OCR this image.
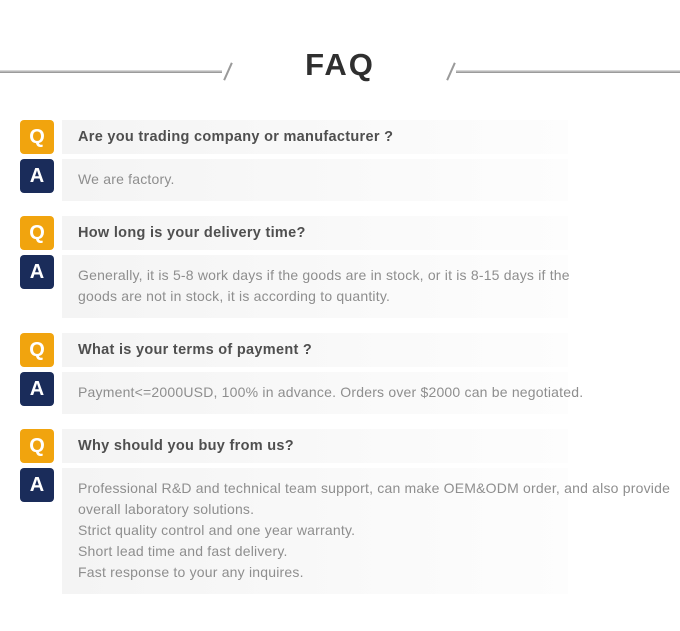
FAQ
Q	Are you trading company or manufacturer ?
A We are factory.
Q	How long is your delivery time?
A Generally, it is 5-8 work days if the goods are in stock, or it is 8-15 days if the
goods are not in stock, it is according to quantity.
Q	What is your terms of payment ?
A Payment<=2000USD, 100% in advance. Orders over $2000 can be negotiated.
Q	Why should you buy from us?
A Professional R&D and technical team support, can make OEM&ODM order, and also provide
overall laboratory solutions.
Strict quality control and one year warranty.
Short lead time and fast delivery.
Fast response to your any inquires.
